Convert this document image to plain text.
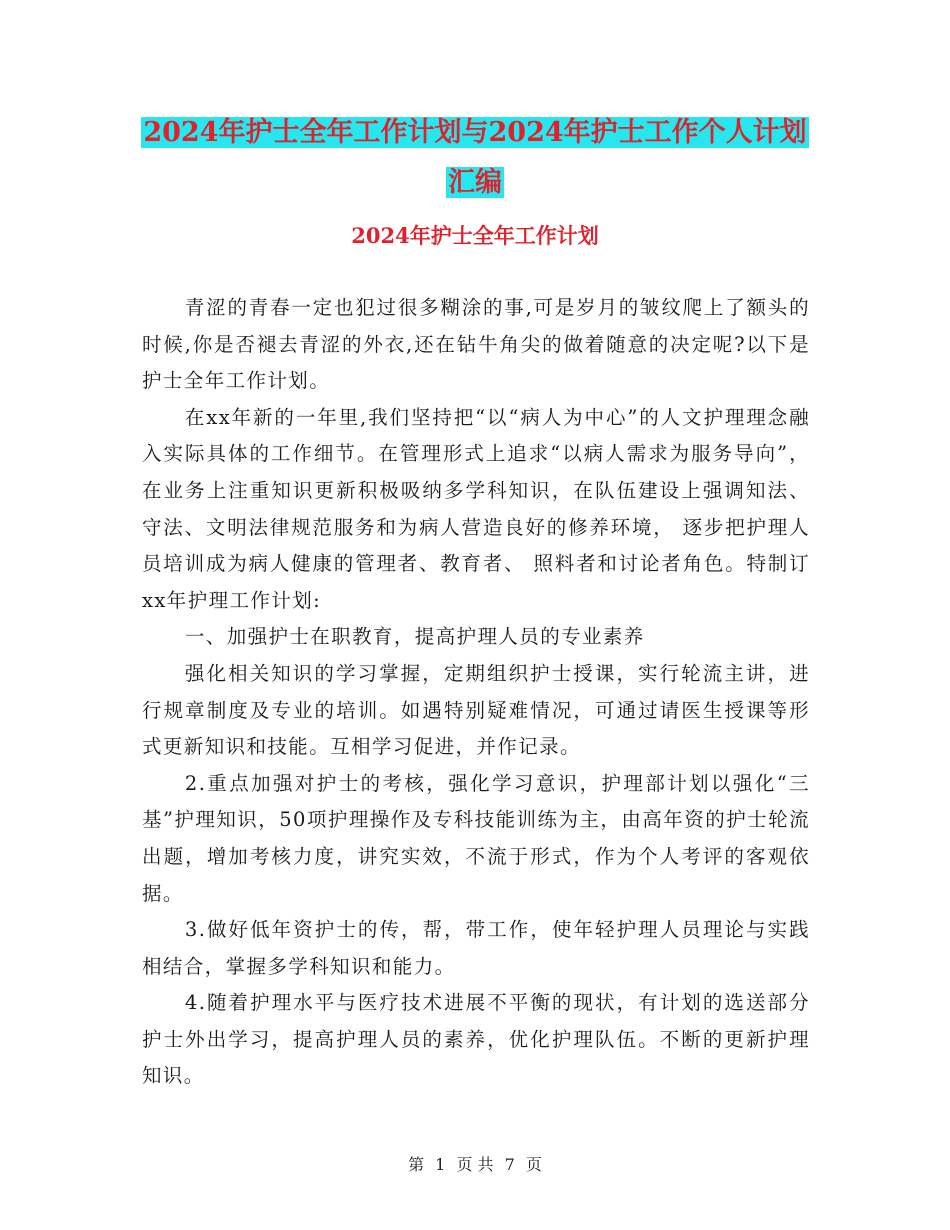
2024年护士全年工作计划与2024年护士工作个人计划
汇编
2024年护士全年工作计划

青涩的青春一定也犯过很多糊涂的事,可是岁月的皱纹爬上了额头的时候,你是否褪去青涩的外衣,还在钻牛角尖的做着随意的决定呢?以下是护士全年工作计划。

在xx年新的一年里,我们坚持把“以“病人为中心”的人文护理理念融入实际具体的工作细节。在管理形式上追求“以病人需求为服务导向”， 在业务上注重知识更新积极吸纳多学科知识，在队伍建设上强调知法、守法、文明法律规范服务和为病人营造良好的修养环境， 逐步把护理人员培训成为病人健康的管理者、教育者、 照料者和讨论者角色。特制订xx年护理工作计划:

一、加强护士在职教育，提高护理人员的专业素养

强化相关知识的学习掌握，定期组织护士授课，实行轮流主讲，进行规章制度及专业的培训。如遇特别疑难情况，可通过请医生授课等形式更新知识和技能。互相学习促进，并作记录。

2.重点加强对护士的考核，强化学习意识，护理部计划以强化“三基”护理知识，50项护理操作及专科技能训练为主，由高年资的护士轮流出题，增加考核力度，讲究实效，不流于形式，作为个人考评的客观依据。

3.做好低年资护士的传，帮，带工作，使年轻护理人员理论与实践相结合，掌握多学科知识和能力。

4.随着护理水平与医疗技术进展不平衡的现状，有计划的选送部分护士外出学习，提高护理人员的素养，优化护理队伍。不断的更新护理知识。

第 1 页 共 7 页
